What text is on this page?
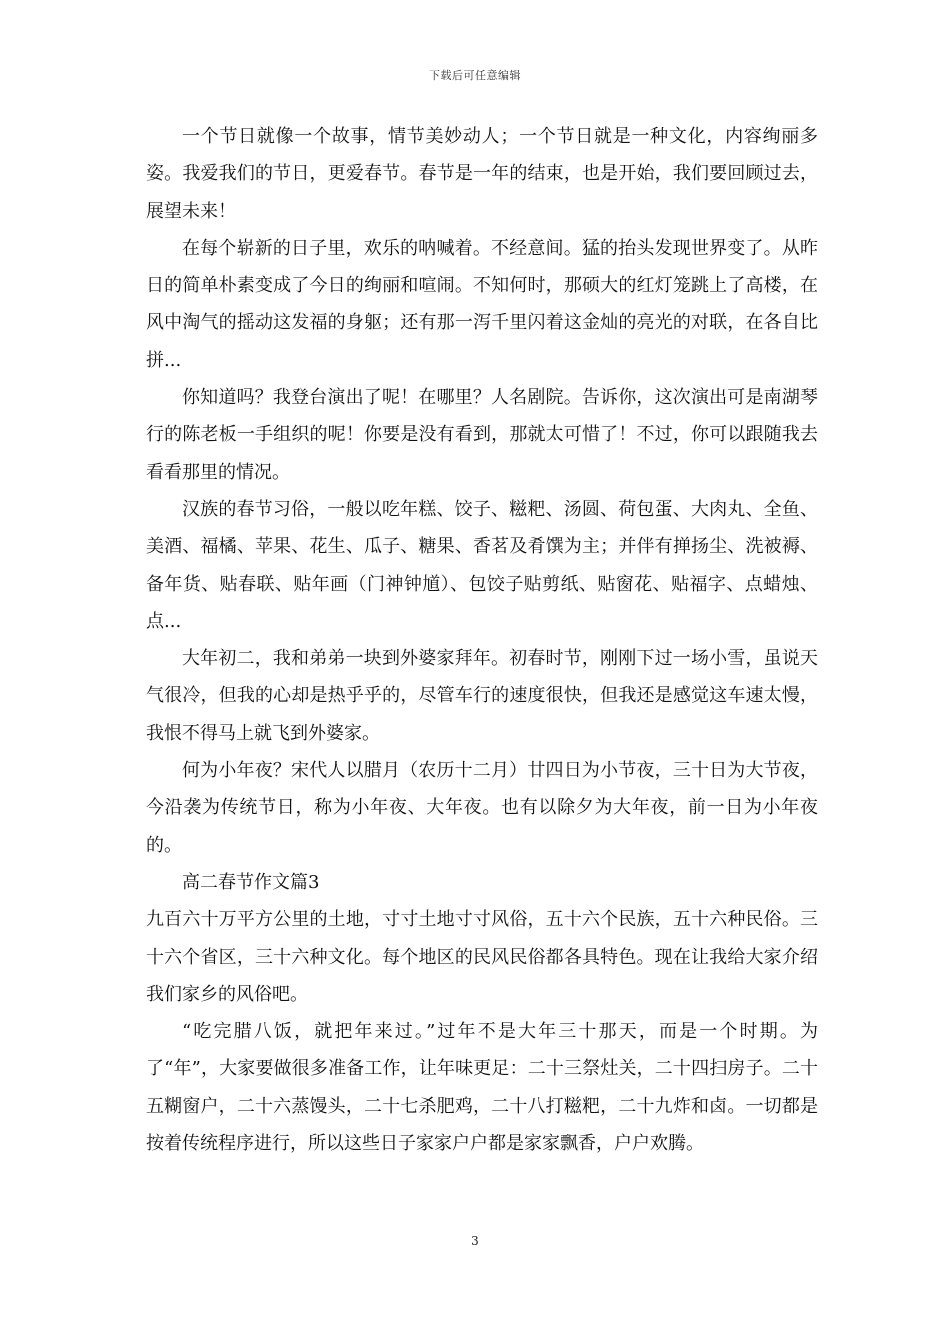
下载后可任意编辑

一个节日就像一个故事，情节美妙动人；一个节日就是一种文化，内容绚丽多姿。我爱我们的节日，更爱春节。春节是一年的结束，也是开始，我们要回顾过去，展望未来！

在每个崭新的日子里，欢乐的呐喊着。不经意间。猛的抬头发现世界变了。从昨日的简单朴素变成了今日的绚丽和喧闹。不知何时，那硕大的红灯笼跳上了高楼，在风中淘气的摇动这发福的身躯；还有那一泻千里闪着这金灿的亮光的对联，在各自比拼...

你知道吗？我登台演出了呢！在哪里？人名剧院。告诉你，这次演出可是南湖琴行的陈老板一手组织的呢！你要是没有看到，那就太可惜了！不过，你可以跟随我去看看那里的情况。

汉族的春节习俗，一般以吃年糕、饺子、糍粑、汤圆、荷包蛋、大肉丸、全鱼、美酒、福橘、苹果、花生、瓜子、糖果、香茗及肴馔为主；并伴有掸扬尘、洗被褥、备年货、贴春联、贴年画（门神钟馗）、包饺子贴剪纸、贴窗花、贴福字、点蜡烛、点...

大年初二，我和弟弟一块到外婆家拜年。初春时节，刚刚下过一场小雪，虽说天气很冷，但我的心却是热乎乎的，尽管车行的速度很快，但我还是感觉这车速太慢，我恨不得马上就飞到外婆家。

何为小年夜？宋代人以腊月（农历十二月）廿四日为小节夜，三十日为大节夜，今沿袭为传统节日，称为小年夜、大年夜。也有以除夕为大年夜，前一日为小年夜的。

高二春节作文篇3

九百六十万平方公里的土地，寸寸土地寸寸风俗，五十六个民族，五十六种民俗。三十六个省区，三十六种文化。每个地区的民风民俗都各具特色。现在让我给大家介绍我们家乡的风俗吧。

“吃完腊八饭，就把年来过。”过年不是大年三十那天，而是一个时期。为了“年”，大家要做很多准备工作，让年味更足：二十三祭灶关，二十四扫房子。二十五糊窗户，二十六蒸馒头，二十七杀肥鸡，二十八打糍粑，二十九炸和卤。一切都是按着传统程序进行，所以这些日子家家户户都是家家飘香，户户欢腾。

3
